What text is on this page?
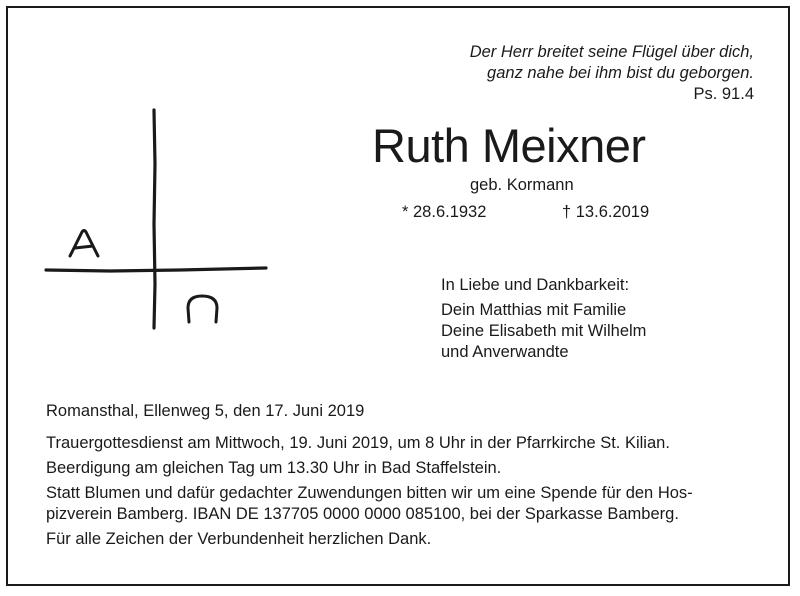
Der Herr breitet seine Flügel über dich,
ganz nahe bei ihm bist du geborgen.
Ps. 91.4
Ruth Meixner
geb. Kormann
* 28.6.1932	† 13.6.2019
In Liebe und Dankbarkeit:
Dein Matthias mit Familie
Deine Elisabeth mit Wilhelm
und Anverwandte

Romansthal, Ellenweg 5, den 17. Juni 2019

Trauergottesdienst am Mittwoch, 19. Juni 2019, um 8 Uhr in der Pfarrkirche St. Kilian.

Beerdigung am gleichen Tag um 13.30 Uhr in Bad Staffelstein.

Statt Blumen und dafür gedachter Zuwendungen bitten wir um eine Spende für den Hos-

pizverein Bamberg. IBAN DE 137705 0000 0000 085100, bei der Sparkasse Bamberg.

Für alle Zeichen der Verbundenheit herzlichen Dank.
